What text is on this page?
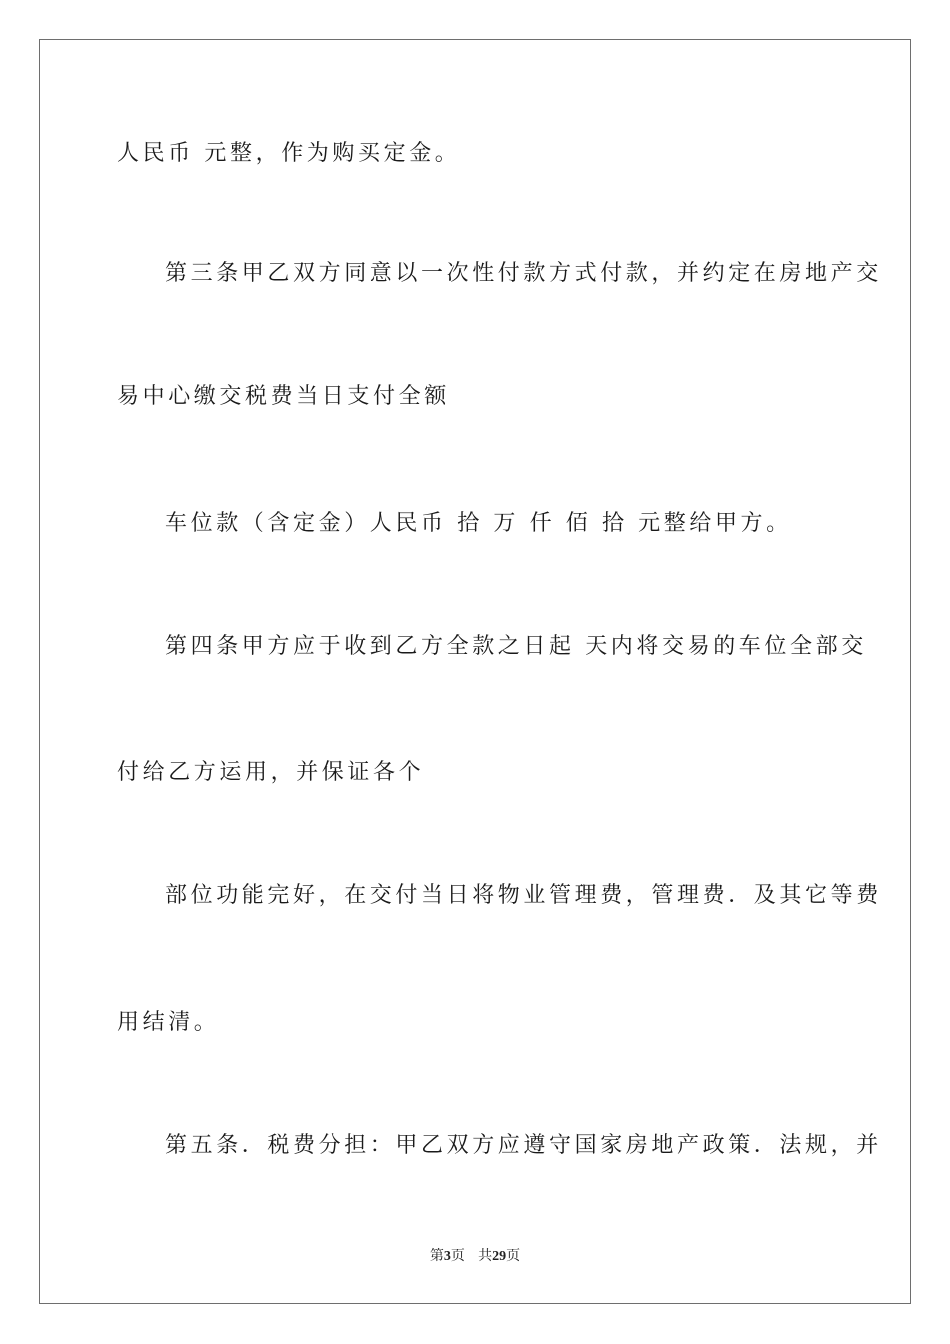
人民币 元整，作为购买定金。
第三条甲乙双方同意以一次性付款方式付款，并约定在房地产交
易中心缴交税费当日支付全额
车位款（含定金）人民币 拾 万 仟 佰 拾 元整给甲方。
第四条甲方应于收到乙方全款之日起 天内将交易的车位全部交
付给乙方运用，并保证各个
部位功能完好，在交付当日将物业管理费，管理费．及其它等费
用结清。
第五条．税费分担：甲乙双方应遵守国家房地产政策．法规，并
第3页 共29页
